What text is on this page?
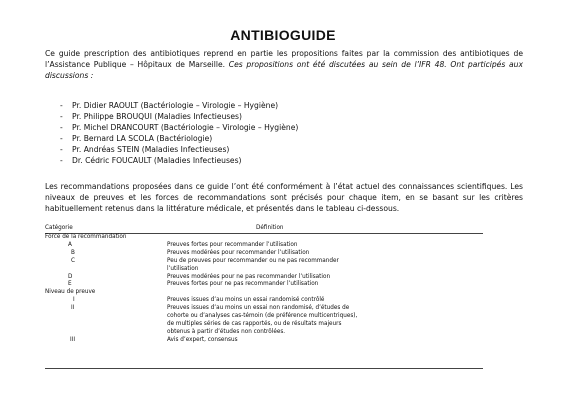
ANTIBIOGUIDE

Ce guide prescription des antibiotiques reprend en partie les propositions faites par la commission des antibiotiques de l’Assistance Publique – Hôpitaux de Marseille. Ces propositions ont été discutées au sein de l’IFR 48. Ont participés aux discussions :

- Pr. Didier RAOULT (Bactériologie – Virologie – Hygiène)
- Pr. Philippe BROUQUI (Maladies Infectieuses)
- Pr. Michel DRANCOURT (Bactériologie – Virologie – Hygiène)
- Pr. Bernard LA SCOLA (Bactériologie)
- Pr. Andréas STEIN (Maladies Infectieuses)
- Dr. Cédric FOUCAULT (Maladies Infectieuses)

Les recommandations proposées dans ce guide l’ont été conformément à l’état actuel des connaissances scientifiques. Les niveaux de preuves et les forces de recommandations sont précisés pour chaque item, en se basant sur les critères habituellement retenus dans la littérature médicale, et présentés dans le tableau ci-dessous.

Catégorie	Définition
Force de la recommandation
A	Preuves fortes pour recommander l’utilisation
B	Preuves modérées pour recommander l’utilisation
C	Peu de preuves pour recommander ou ne pas recommander
l’utilisation
D	Preuves modérées pour ne pas recommander l’utilisation
E	Preuves fortes pour ne pas recommander l’utilisation
Niveau de preuve
I	Preuves issues d’au moins un essai randomisé contrôlé
II	Preuves issues d’au moins un essai non randomisé, d’études de
cohorte ou d’analyses cas-témoin (de préférence multicentriques),
de multiples séries de cas rapportés, ou de résultats majeurs
obtenus à partir d’études non contrôlées.
III	Avis d’expert, consensus
